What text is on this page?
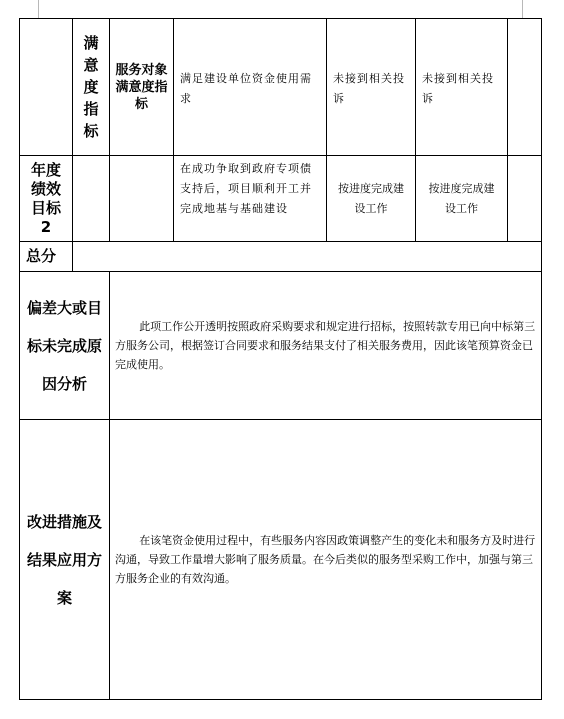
	满意度指标	服务对象满意度指标	满足建设单位资金使用需求	未接到相关投诉	未接到相关投诉	

年度绩效目标2			在成功争取到政府专项债支持后，项目顺利开工并完成地基与基础建设	按进度完成建设工作	按进度完成建设工作	

总分						

偏差大或目标未完成原因分析		此项工作公开透明按照政府采购要求和规定进行招标，按照转款专用已向中标第三方服务公司，根据签订合同要求和服务结果支付了相关服务费用，因此该笔预算资金已完成使用。				

改进措施及结果应用方案		在该笔资金使用过程中，有些服务内容因政策调整产生的变化未和服务方及时进行沟通，导致工作量增大影响了服务质量。在今后类似的服务型采购工作中，加强与第三方服务企业的有效沟通。				
